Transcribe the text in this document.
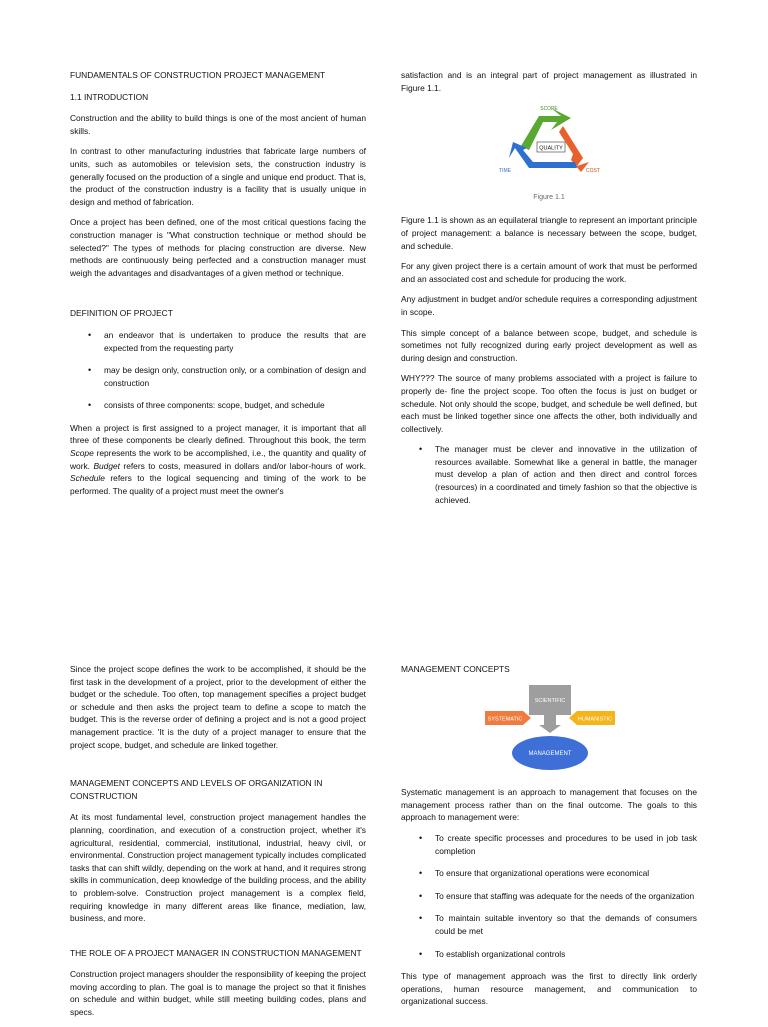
FUNDAMENTALS OF CONSTRUCTION PROJECT MANAGEMENT
1.1 INTRODUCTION

Construction and the ability to build things is one of the most ancient of human skills.

In contrast to other manufacturing industries that fabricate large numbers of units, such as automobiles or television sets, the construction industry is generally focused on the production of a single and unique end product. That is, the product of the construction industry is a facility that is usually unique in design and method of fabrication.

Once a project has been defined, one of the most critical questions facing the construction manager is "What construction technique or method should be selected?" The types of methods for placing construction are diverse. New methods are continuously being perfected and a construction manager must weigh the advantages and disadvantages of a given method or technique.

DEFINITION OF PROJECT
• an endeavor that is undertaken to produce the results that are expected from the requesting party
• may be design only, construction only, or a combination of design and construction
• consists of three components: scope, budget, and schedule

When a project is first assigned to a project manager, it is important that all three of these components be clearly defined. Throughout this book, the term Scope represents the work to be accomplished, i.e., the quantity and quality of work. Budget refers to costs, measured in dollars and/or labor-hours of work. Schedule refers to the logical sequencing and timing of the work to be performed. The quality of a project must meet the owner's

satisfaction and is an integral part of project management as illustrated in Figure 1.1.

QUALITY
SCOPE
TIME	COST
Figure 1.1

Figure 1.1 is shown as an equilateral triangle to represent an important principle of project management: a balance is necessary between the scope, budget, and schedule.

For any given project there is a certain amount of work that must be performed and an associated cost and schedule for producing the work.

Any adjustment in budget and/or schedule requires a corresponding adjustment in scope.

This simple concept of a balance between scope, budget, and schedule is sometimes not fully recognized during early project development as well as during design and construction.

WHY??? The source of many problems associated with a project is failure to properly de- fine the project scope. Too often the focus is just on budget or schedule. Not only should the scope, budget, and schedule be well defined, but each must be linked together since one affects the other, both individually and collectively.

• The manager must be clever and innovative in the utilization of resources available. Somewhat like a general in battle, the manager must develop a plan of action and then direct and control forces (resources) in a coordinated and timely fashion so that the objective is achieved.

Since the project scope defines the work to be accomplished, it should be the first task in the development of a project, prior to the development of either the budget or the schedule. Too often, top management specifies a project budget or schedule and then asks the project team to define a scope to match the budget. This is the reverse order of defining a project and is not a good project management practice. 'It is the duty of a project manager to ensure that the project scope, budget, and schedule are linked together.

MANAGEMENT CONCEPTS AND LEVELS OF ORGANIZATION IN CONSTRUCTION

At its most fundamental level, construction project management handles the planning, coordination, and execution of a construction project, whether it's agricultural, residential, commercial, institutional, industrial, heavy civil, or environmental. Construction project management typically includes complicated tasks that can shift wildly, depending on the work at hand, and it requires strong skills in communication, deep knowledge of the building process, and the ability to problem-solve. Construction project management is a complex field, requiring knowledge in many different areas like finance, mediation, law, business, and more.

THE ROLE OF A PROJECT MANAGER IN CONSTRUCTION MANAGEMENT

Construction project managers shoulder the responsibility of keeping the project moving according to plan. The goal is to manage the project so that it finishes on schedule and within budget, while still meeting building codes, plans and specs.

MANAGEMENT CONCEPTS
SCIENTIFIC
SYSTEMATIC	HUMANISTIC
MANAGEMENT

Systematic management is an approach to management that focuses on the management process rather than on the final outcome. The goals to this approach to management were:

• To create specific processes and procedures to be used in job task completion
• To ensure that organizational operations were economical
• To ensure that staffing was adequate for the needs of the organization
• To maintain suitable inventory so that the demands of consumers could be met
• To establish organizational controls

This type of management approach was the first to directly link orderly operations, human resource management, and communication to organizational success.
